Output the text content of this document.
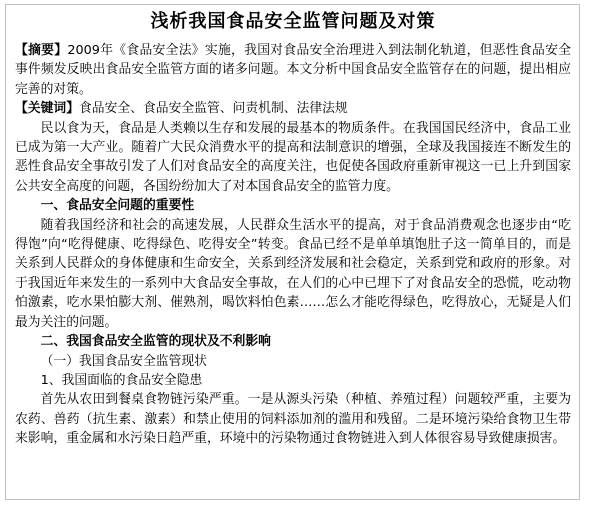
浅析我国食品安全监管问题及对策

【摘要】2009年《食品安全法》实施，我国对食品安全治理进入到法制化轨道，但恶性食品安全事件频发反映出食品安全监管方面的诸多问题。本文分析中国食品安全监管存在的问题，提出相应完善的对策。

【关键词】食品安全、食品安全监管、问责机制、法律法规

民以食为天，食品是人类赖以生存和发展的最基本的物质条件。在我国国民经济中，食品工业已成为第一大产业。随着广大民众消费水平的提高和法制意识的增强，全球及我国接连不断发生的恶性食品安全事故引发了人们对食品安全的高度关注，也促使各国政府重新审视这一已上升到国家公共安全高度的问题，各国纷纷加大了对本国食品安全的监管力度。

一、食品安全问题的重要性

随着我国经济和社会的高速发展，人民群众生活水平的提高，对于食品消费观念也逐步由“吃得饱”向“吃得健康、吃得绿色、吃得安全”转变。食品已经不是单单填饱肚子这一简单目的，而是关系到人民群众的身体健康和生命安全，关系到经济发展和社会稳定，关系到党和政府的形象。对于我国近年来发生的一系列中大食品安全事故，在人们的心中已埋下了对食品安全的恐慌，吃动物怕激素，吃水果怕膨大剂、催熟剂，喝饮料怕色素……怎么才能吃得绿色，吃得放心，无疑是人们最为关注的问题。

二、我国食品安全监管的现状及不利影响

（一）我国食品安全监管现状

1、我国面临的食品安全隐患

首先从农田到餐桌食物链污染严重。一是从源头污染（种植、养殖过程）问题较严重，主要为农药、兽药（抗生素、激素）和禁止使用的饲料添加剂的滥用和残留。二是环境污染给食物卫生带来影响，重金属和水污染日趋严重，环境中的污染物通过食物链进入到人体很容易导致健康损害。
